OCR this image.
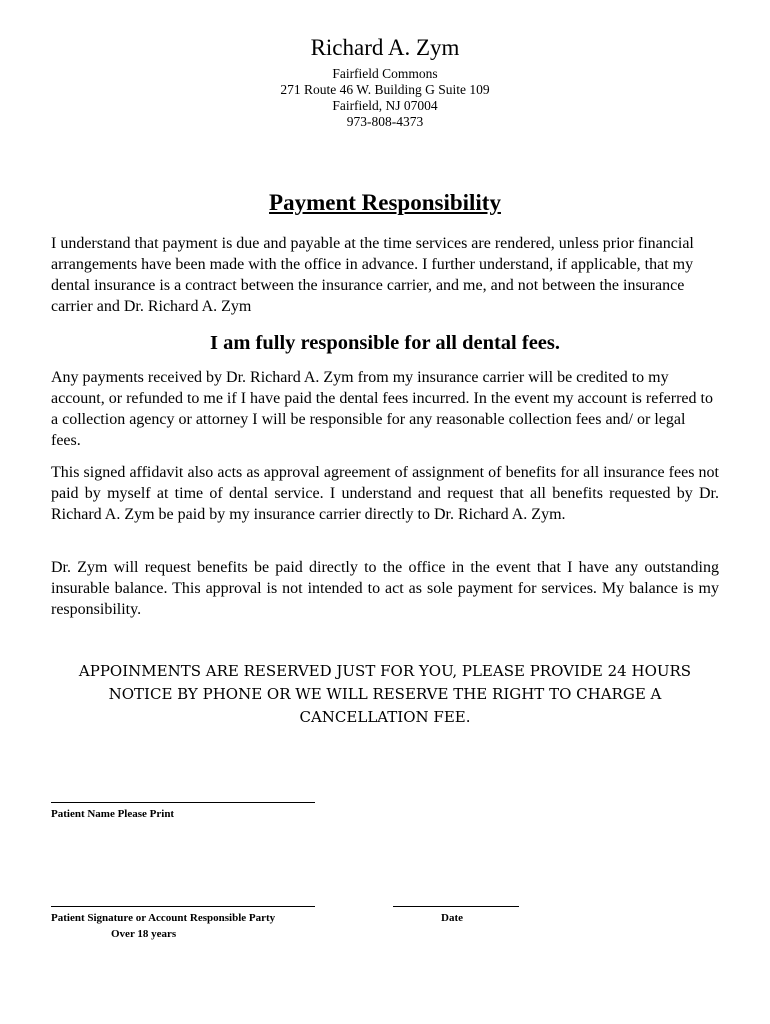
Richard A. Zym
Fairfield Commons
271 Route 46 W. Building G Suite 109
Fairfield, NJ 07004
973-808-4373
Payment Responsibility

I understand that payment is due and payable at the time services are rendered, unless prior financial arrangements have been made with the office in advance. I further understand, if applicable, that my dental insurance is a contract between the insurance carrier, and me, and not between the insurance carrier and Dr. Richard A. Zym

I am fully responsible for all dental fees.

Any payments received by Dr. Richard A. Zym from my insurance carrier will be credited to my account, or refunded to me if I have paid the dental fees incurred. In the event my account is referred to a collection agency or attorney I will be responsible for any reasonable collection fees and/ or legal fees.

This signed affidavit also acts as approval agreement of assignment of benefits for all insurance fees not paid by myself at time of dental service. I understand and request that all benefits requested by Dr. Richard A. Zym be paid by my insurance carrier directly to Dr. Richard A. Zym.

Dr. Zym will request benefits be paid directly to the office in the event that I have any outstanding insurable balance. This approval is not intended to act as sole payment for services. My balance is my responsibility.

APPOINMENTS ARE RESERVED JUST FOR YOU, PLEASE PROVIDE 24 HOURS NOTICE BY PHONE OR WE WILL RESERVE THE RIGHT TO CHARGE A CANCELLATION FEE.
Patient Name Please Print
Patient Signature or Account Responsible Party
Over 18 years
Date
